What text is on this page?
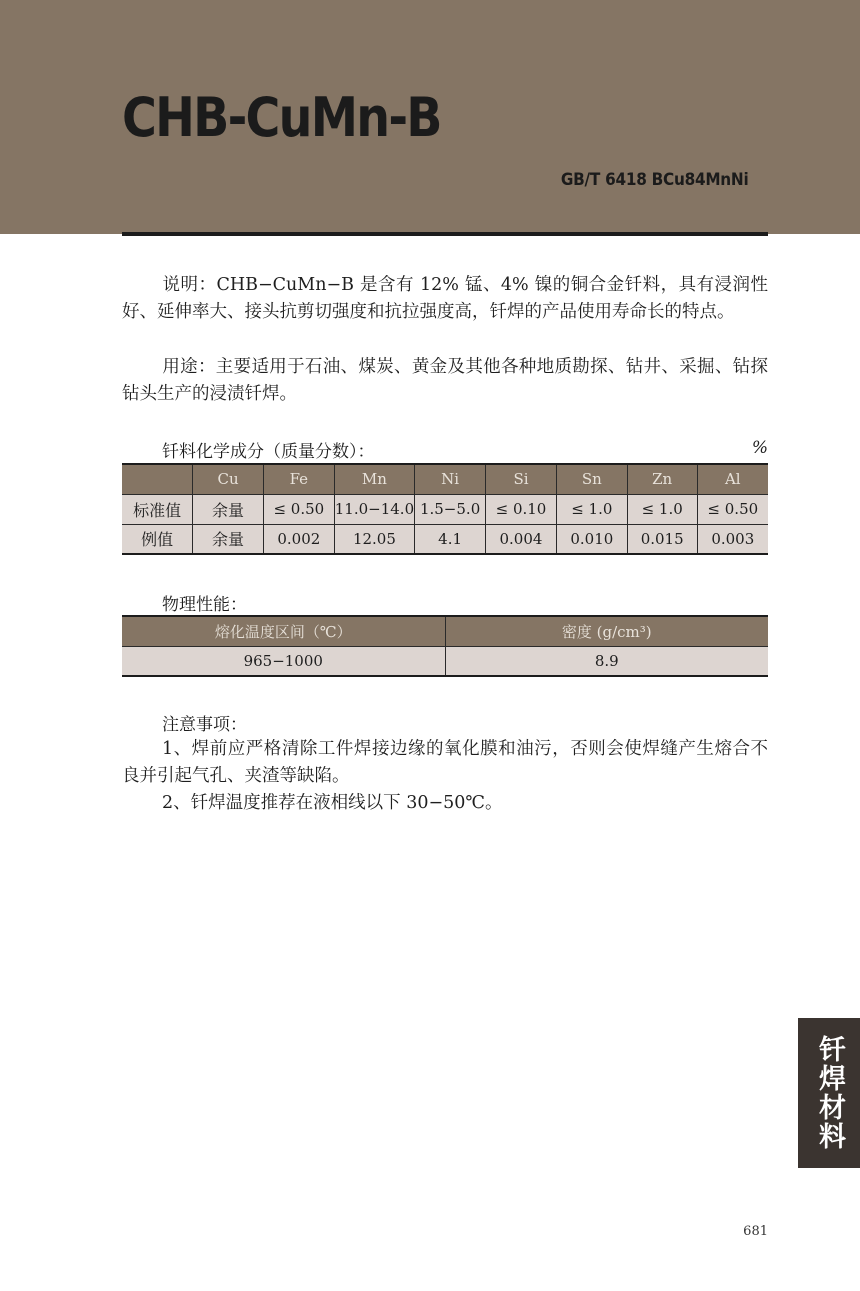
CHB-CuMn-B
GB/T 6418 BCu84MnNi
说明：CHB−CuMn−B 是含有 12% 锰、4% 镍的铜合金钎料，具有浸润性好、延伸率大、接头抗剪切强度和抗拉强度高，钎焊的产品使用寿命长的特点。
用途：主要适用于石油、煤炭、黄金及其他各种地质勘探、钻井、采掘、钻探钻头生产的浸渍钎焊。
钎料化学成分（质量分数）：	%
	Cu	Fe	Mn	Ni	Si	Sn	Zn	Al
标准值	余量	≤ 0.50	11.0−14.0	1.5−5.0	≤ 0.10	≤ 1.0	≤ 1.0	≤ 0.50
例值	余量	0.002	12.05	4.1	0.004	0.010	0.015	0.003
物理性能：
熔化温度区间（℃）	密度 (g/cm³)
965−1000	8.9
注意事项：
1、焊前应严格清除工件焊接边缘的氧化膜和油污，否则会使焊缝产生熔合不良并引起气孔、夹渣等缺陷。
2、钎焊温度推荐在液相线以下 30−50℃。
钎焊材料
681
